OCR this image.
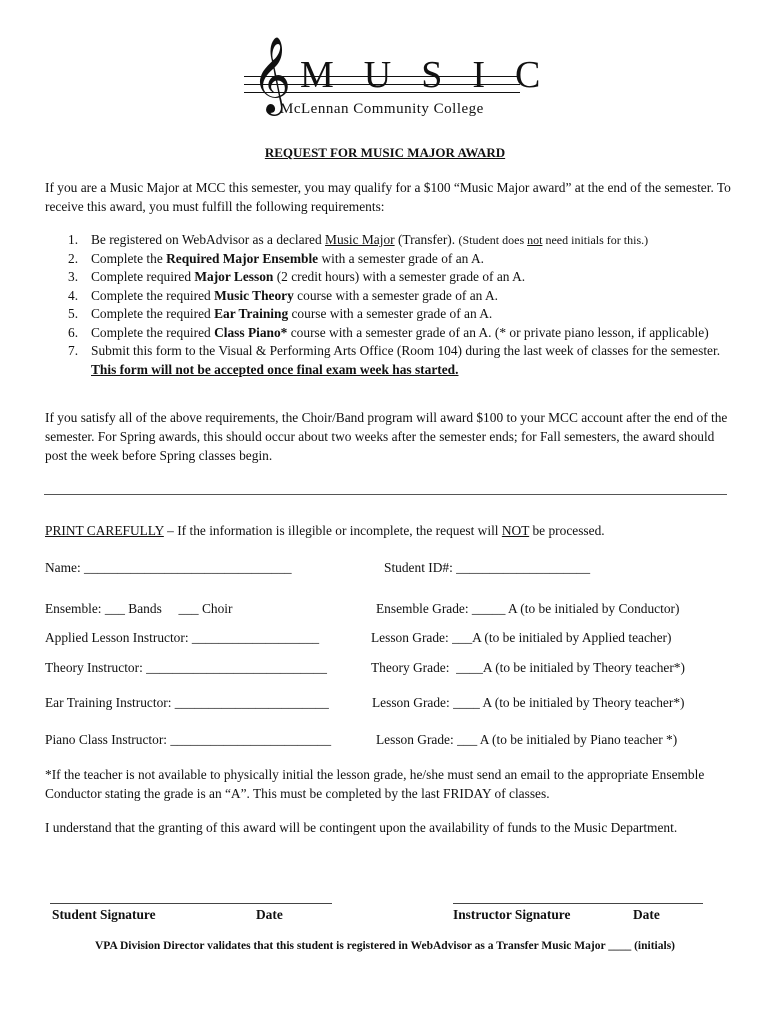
𝄞 MUSIC
McLennan Community College
REQUEST FOR MUSIC MAJOR AWARD
If you are a Music Major at MCC this semester, you may qualify for a $100 “Music Major award” at the end of the semester. To receive this award, you must fulfill the following requirements:
1. Be registered on WebAdvisor as a declared Music Major (Transfer). (Student does not need initials for this.)
2. Complete the Required Major Ensemble with a semester grade of an A.
3. Complete required Major Lesson (2 credit hours) with a semester grade of an A.
4. Complete the required Music Theory course with a semester grade of an A.
5. Complete the required Ear Training course with a semester grade of an A.
6. Complete the required Class Piano* course with a semester grade of an A. (* or private piano lesson, if applicable)
7. Submit this form to the Visual & Performing Arts Office (Room 104) during the last week of classes for the semester. This form will not be accepted once final exam week has started.
If you satisfy all of the above requirements, the Choir/Band program will award $100 to your MCC account after the end of the semester. For Spring awards, this should occur about two weeks after the semester ends; for Fall semesters, the award should post the week before Spring classes begin.
PRINT CAREFULLY – If the information is illegible or incomplete, the request will NOT be processed.
Name: _______________________________	Student ID#: ____________________
Ensemble: ___ Bands     ___ Choir	Ensemble Grade: _____ A (to be initialed by Conductor)
Applied Lesson Instructor: ___________________	Lesson Grade: ___A (to be initialed by Applied teacher)
Theory Instructor: ___________________________	Theory Grade:  ____A (to be initialed by Theory teacher*)
Ear Training Instructor: _______________________	Lesson Grade: ____ A (to be initialed by Theory teacher*)
Piano Class Instructor: ________________________	Lesson Grade: ___ A (to be initialed by Piano teacher *)
*If the teacher is not available to physically initial the lesson grade, he/she must send an email to the appropriate Ensemble Conductor stating the grade is an “A”. This must be completed by the last FRIDAY of classes.
I understand that the granting of this award will be contingent upon the availability of funds to the Music Department.
Student Signature	Date	Instructor Signature	Date
VPA Division Director validates that this student is registered in WebAdvisor as a Transfer Music Major ____ (initials)
